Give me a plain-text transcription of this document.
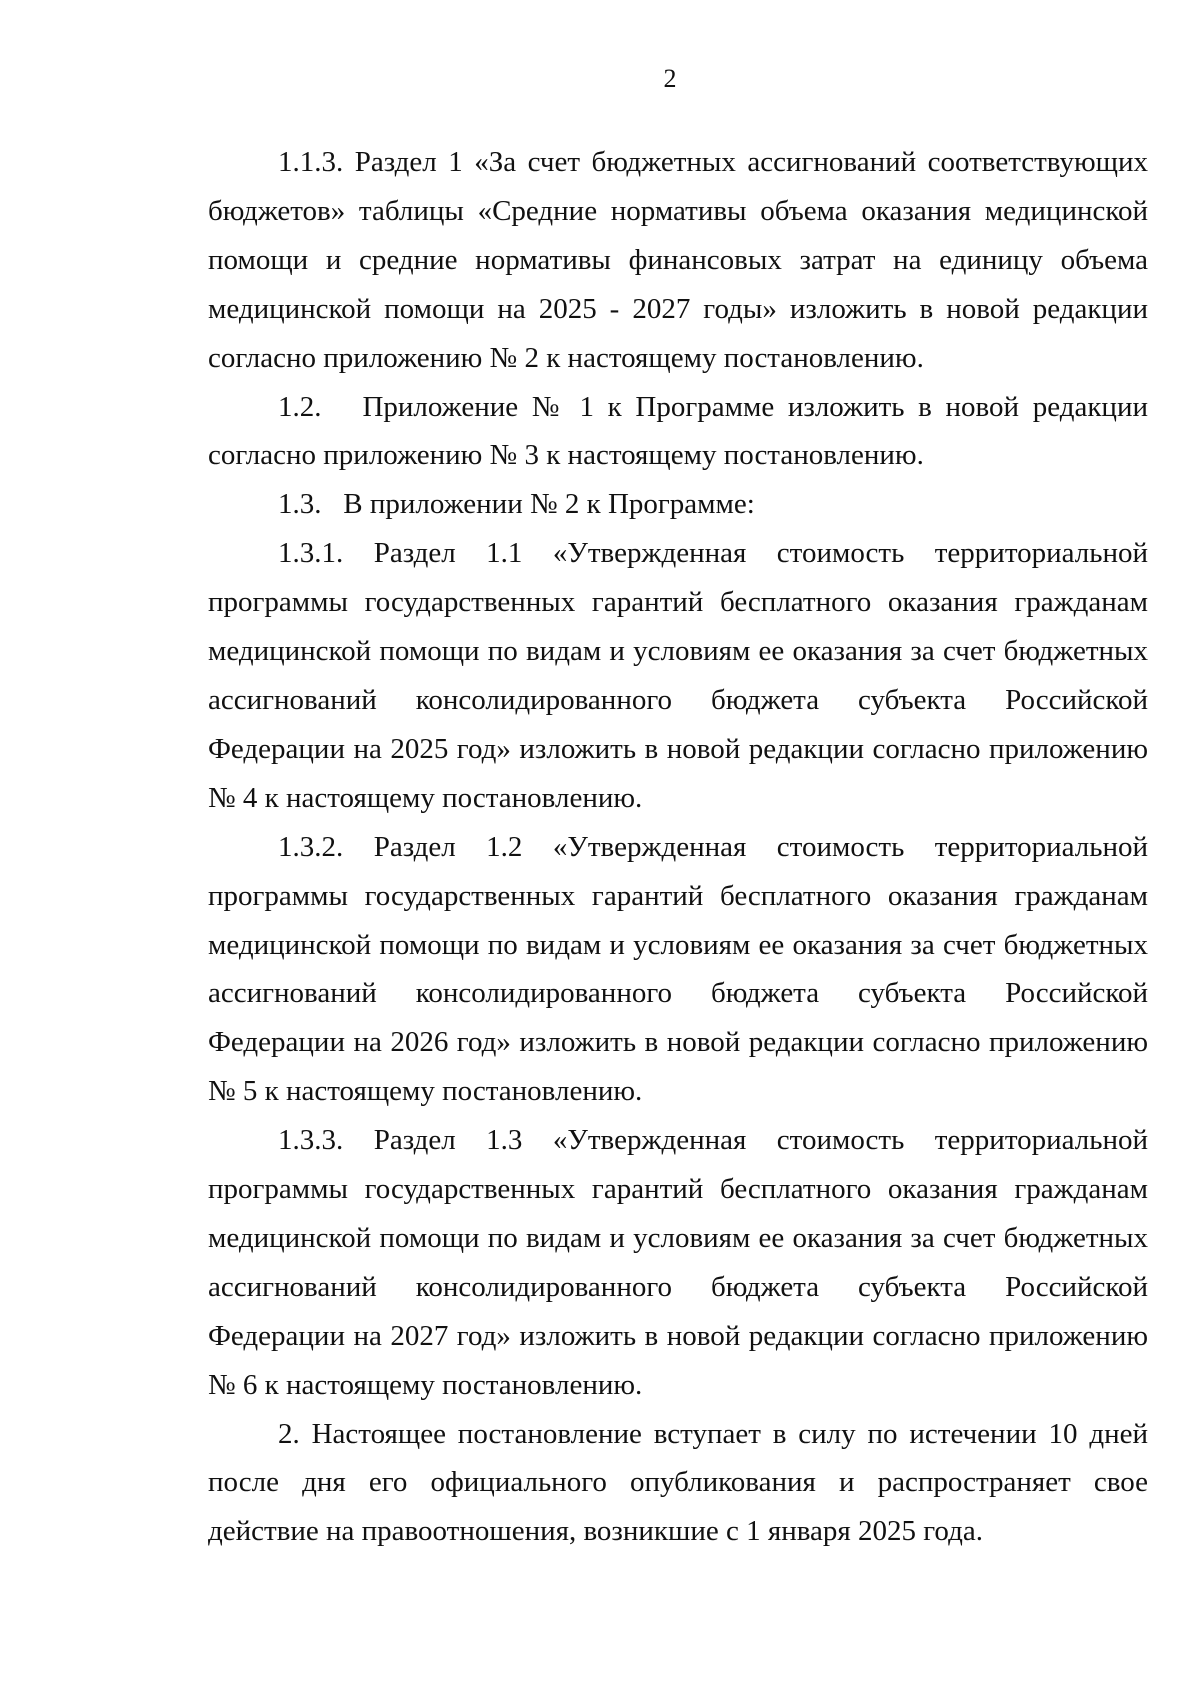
2

1.1.3. Раздел 1 «За счет бюджетных ассигнований соответствующих бюджетов» таблицы «Средние нормативы объема оказания медицинской помощи и средние нормативы финансовых затрат на единицу объема медицинской помощи на 2025 - 2027 годы» изложить в новой редакции согласно приложению № 2 к настоящему постановлению.

1.2.   Приложение № 1 к Программе изложить в новой редакции согласно приложению № 3 к настоящему постановлению.

1.3.   В приложении № 2 к Программе:

1.3.1. Раздел 1.1 «Утвержденная стоимость территориальной программы государственных гарантий бесплатного оказания гражданам медицинской помощи по видам и условиям ее оказания за счет бюджетных ассигнований консолидированного бюджета субъекта Российской Федерации на 2025 год» изложить в новой редакции согласно приложению № 4 к настоящему постановлению.

1.3.2. Раздел 1.2 «Утвержденная стоимость территориальной программы государственных гарантий бесплатного оказания гражданам медицинской помощи по видам и условиям ее оказания за счет бюджетных ассигнований консолидированного бюджета субъекта Российской Федерации на 2026 год» изложить в новой редакции согласно приложению № 5 к настоящему постановлению.

1.3.3. Раздел 1.3 «Утвержденная стоимость территориальной программы государственных гарантий бесплатного оказания гражданам медицинской помощи по видам и условиям ее оказания за счет бюджетных ассигнований консолидированного бюджета субъекта Российской Федерации на 2027 год» изложить в новой редакции согласно приложению № 6 к настоящему постановлению.

2. Настоящее постановление вступает в силу по истечении 10 дней после дня его официального опубликования и распространяет свое действие на правоотношения, возникшие с 1 января 2025 года.
